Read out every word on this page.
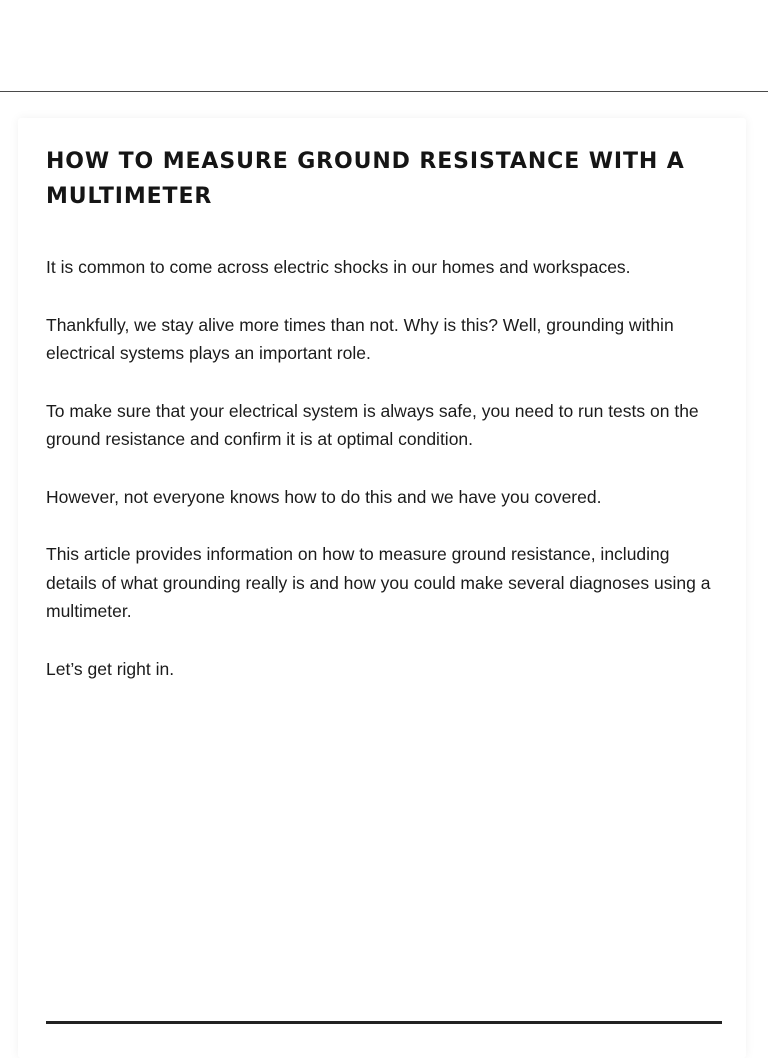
HOW TO MEASURE GROUND RESISTANCE WITH A MULTIMETER

It is common to come across electric shocks in our homes and workspaces.

Thankfully, we stay alive more times than not. Why is this? Well, grounding within electrical systems plays an important role.

To make sure that your electrical system is always safe, you need to run tests on the ground resistance and confirm it is at optimal condition.

However, not everyone knows how to do this and we have you covered.

This article provides information on how to measure ground resistance, including details of what grounding really is and how you could make several diagnoses using a multimeter.

Let’s get right in.
